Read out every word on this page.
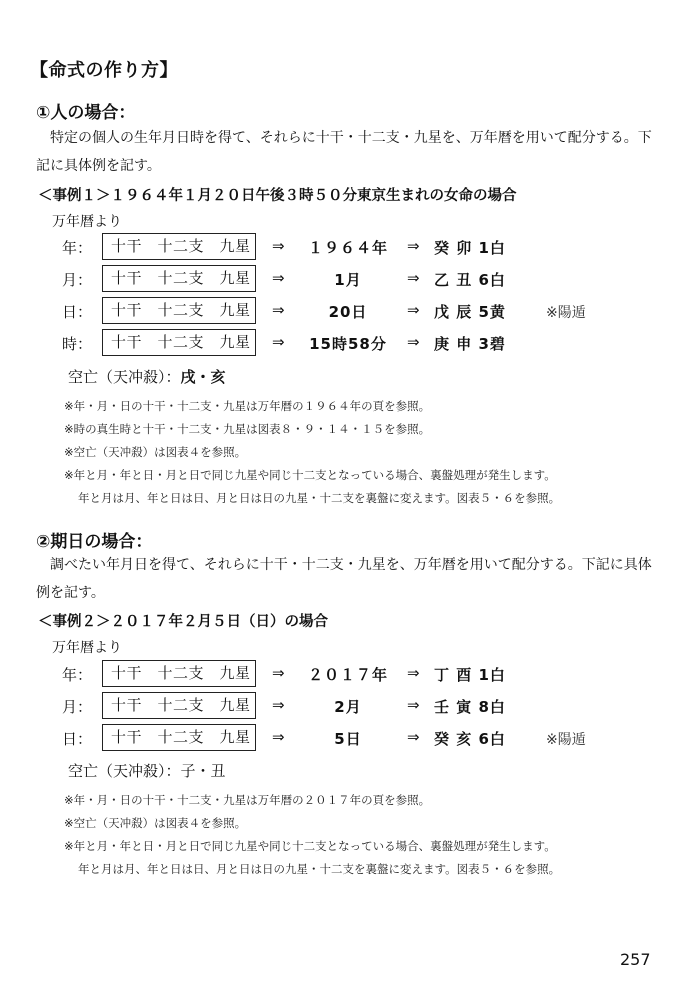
【命式の作り方】
①人の場合：
特定の個人の生年月日時を得て、それらに十干・十二支・九星を、万年暦を用いて配分する。下記に具体例を記す。
＜事例１＞１９６４年１月２０日午後３時５０分東京生まれの女命の場合
万年暦より
年：	十干　十二支　九星	⇒	１９６４年	⇒ 癸 卯 1白
月：	十干　十二支　九星	⇒	1月	⇒ 乙 丑 6白
日：	十干　十二支　九星	⇒	20日	⇒ 戊 辰 5黄	※陽遁
時：	十干　十二支　九星	⇒	15時58分	⇒ 庚 申 3碧
空亡（天冲殺）：戌・亥
※年・月・日の十干・十二支・九星は万年暦の１９６４年の頁を参照。
※時の真生時と十干・十二支・九星は図表８・９・１４・１５を参照。
※空亡（天冲殺）は図表４を参照。
※年と月・年と日・月と日で同じ九星や同じ十二支となっている場合、裏盤処理が発生します。
年と月は月、年と日は日、月と日は日の九星・十二支を裏盤に変えます。図表５・６を参照。
②期日の場合：
調べたい年月日を得て、それらに十干・十二支・九星を、万年暦を用いて配分する。下記に具体例を記す。
＜事例２＞２０１７年２月５日（日）の場合
万年暦より
年：	十干　十二支　九星	⇒	２０１７年	⇒ 丁 酉 1白
月：	十干　十二支　九星	⇒	2月	⇒ 壬 寅 8白
日：	十干　十二支　九星	⇒	5日	⇒ 癸 亥 6白	※陽遁
空亡（天冲殺）：子・丑
※年・月・日の十干・十二支・九星は万年暦の２０１７年の頁を参照。
※空亡（天冲殺）は図表４を参照。
※年と月・年と日・月と日で同じ九星や同じ十二支となっている場合、裏盤処理が発生します。
年と月は月、年と日は日、月と日は日の九星・十二支を裏盤に変えます。図表５・６を参照。
257
